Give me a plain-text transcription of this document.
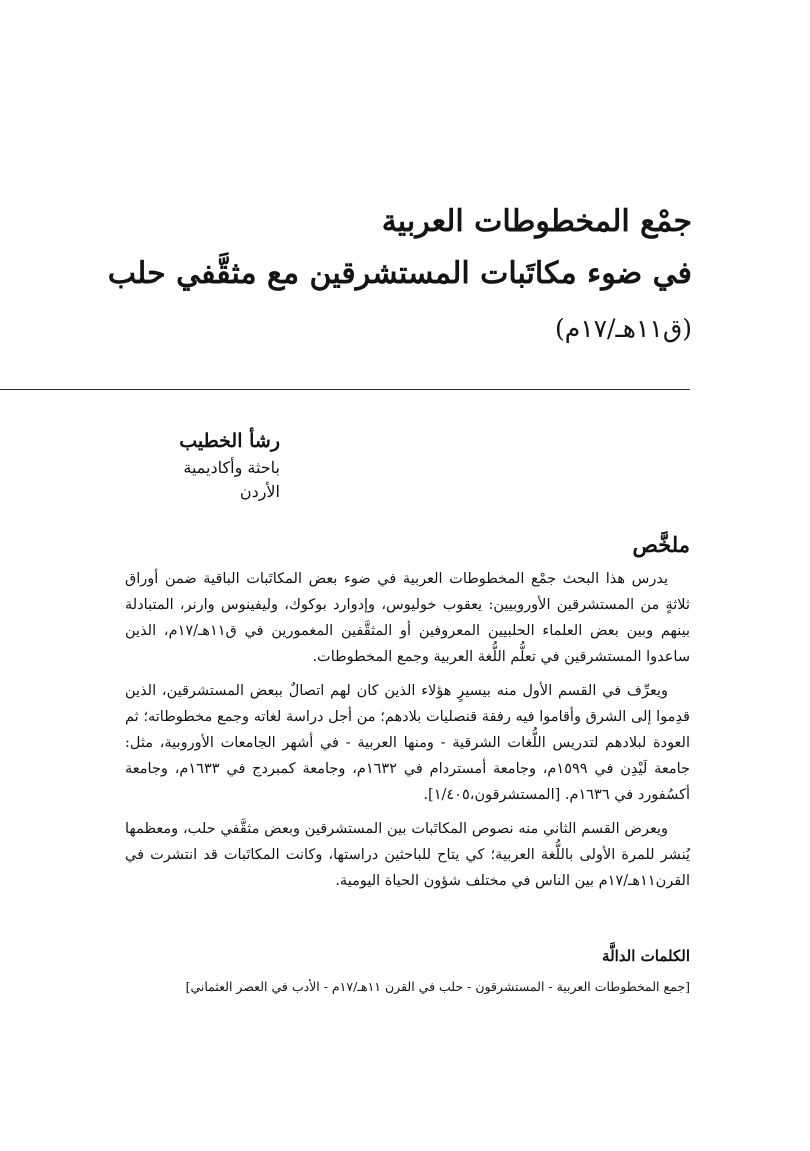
جمْع المخطوطات العربية
في ضوء مكاتَبات المستشرقين مع مثقَّفي حلب
(ق١١هـ/١٧م)
رشأ الخطيب
باحثة وأكاديمية
الأردن
ملخَّص

يدرس هذا البحث جمْع المخطوطات العربية في ضوء بعض المكاتَبات الباقية ضمن أوراق ثلاثةٍ من المستشرقين الأوروبيين: يعقوب خوليوس، وإدوارد بوكوك، وليفينوس وارنر، المتبادلة بينهم وبين بعض العلماء الحلبيين المعروفين أو المثقَّفين المغمورين في ق١١هـ/١٧م، الذين ساعدوا المستشرقين في تعلُّم اللُّغة العربية وجمع المخطوطات.

ويعرِّف في القسم الأول منه بيسيرٍ هؤلاء الذين كان لهم اتصالٌ ببعض المستشرقين، الذين قدِموا إلى الشرق وأقاموا فيه رفقة قنصليات بلادهم؛ من أجل دراسة لغاته وجمع مخطوطاته؛ ثم العودة لبلادهم لتدريس اللُّغات الشرقية - ومنها العربية - في أشهر الجامعات الأوروبية، مثل: جامعة لَيْدِن في ١٥٩٩م، وجامعة أمستردام في ١٦٣٢م، وجامعة كمبردج في ١٦٣٣م، وجامعة أكسُفورد في ١٦٣٦م. [المستشرقون،١/٤٠٥].

ويعرض القسم الثاني منه نصوص المكاتَبات بين المستشرقين وبعض مثقَّفي حلب، ومعظمها يُنشر للمرة الأولى باللُّغة العربية؛ كي يتاح للباحثين دراستها، وكانت المكاتَبات قد انتشرت في القرن١١هـ/١٧م بين الناس في مختلف شؤون الحياة اليومية.

الكلمات الدالَّة

[جمع المخطوطات العربية - المستشرقون - حلب في القرن ١١هـ/١٧م - الأدب في العصر العثماني]
